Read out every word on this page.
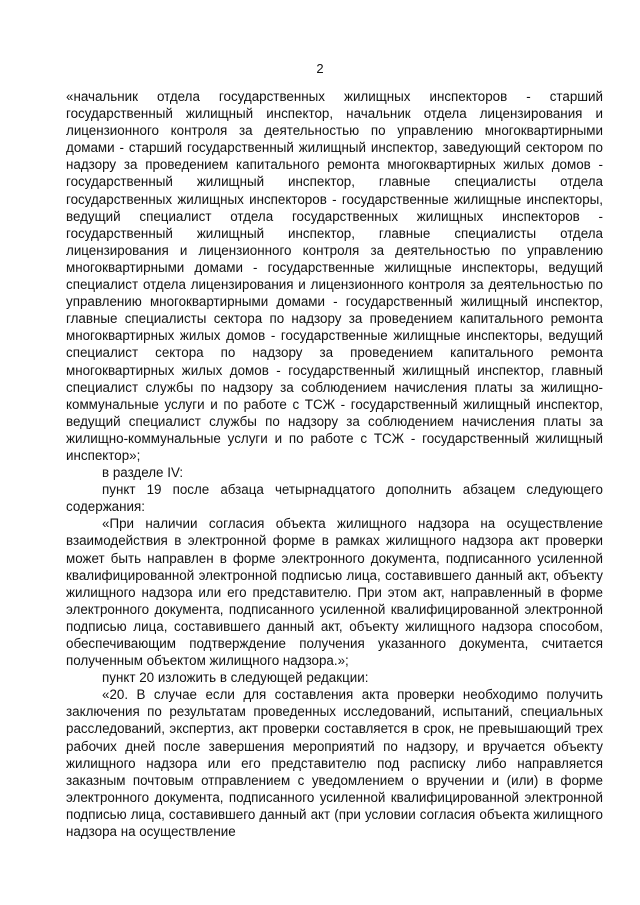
2

«начальник отдела государственных жилищных инспекторов - старший государственный жилищный инспектор, начальник отдела лицензирования и лицензионного контроля за деятельностью по управлению многоквартирными домами - старший государственный жилищный инспектор, заведующий сектором по надзору за проведением капитального ремонта многоквартирных жилых домов - государственный жилищный инспектор, главные специалисты отдела государственных жилищных инспекторов - государственные жилищные инспекторы, ведущий специалист отдела государственных жилищных инспекторов - государственный жилищный инспектор, главные специалисты отдела лицензирования и лицензионного контроля за деятельностью по управлению многоквартирными домами - государственные жилищные инспекторы, ведущий специалист отдела лицензирования и лицензионного контроля за деятельностью по управлению многоквартирными домами - государственный жилищный инспектор, главные специалисты сектора по надзору за проведением капитального ремонта многоквартирных жилых домов - государственные жилищные инспекторы, ведущий специалист сектора по надзору за проведением капитального ремонта многоквартирных жилых домов - государственный жилищный инспектор, главный специалист службы по надзору за соблюдением начисления платы за жилищно-коммунальные услуги и по работе с ТСЖ - государственный жилищный инспектор, ведущий специалист службы по надзору за соблюдением начисления платы за жилищно-коммунальные услуги и по работе с ТСЖ - государственный жилищный инспектор»;

в разделе IV:

пункт 19 после абзаца четырнадцатого дополнить абзацем следующего содержания:

«При наличии согласия объекта жилищного надзора на осуществление взаимодействия в электронной форме в рамках жилищного надзора акт проверки может быть направлен в форме электронного документа, подписанного усиленной квалифицированной электронной подписью лица, составившего данный акт, объекту жилищного надзора или его представителю. При этом акт, направленный в форме электронного документа, подписанного усиленной квалифицированной электронной подписью лица, составившего данный акт, объекту жилищного надзора способом, обеспечивающим подтверждение получения указанного документа, считается полученным объектом жилищного надзора.»;

пункт 20 изложить в следующей редакции:

«20. В случае если для составления акта проверки необходимо получить заключения по результатам проведенных исследований, испытаний, специальных расследований, экспертиз, акт проверки составляется в срок, не превышающий трех рабочих дней после завершения мероприятий по надзору, и вручается объекту жилищного надзора или его представителю под расписку либо направляется заказным почтовым отправлением с уведомлением о вручении и (или) в форме электронного документа, подписанного усиленной квалифицированной электронной подписью лица, составившего данный акт (при условии согласия объекта жилищного надзора на осуществление
